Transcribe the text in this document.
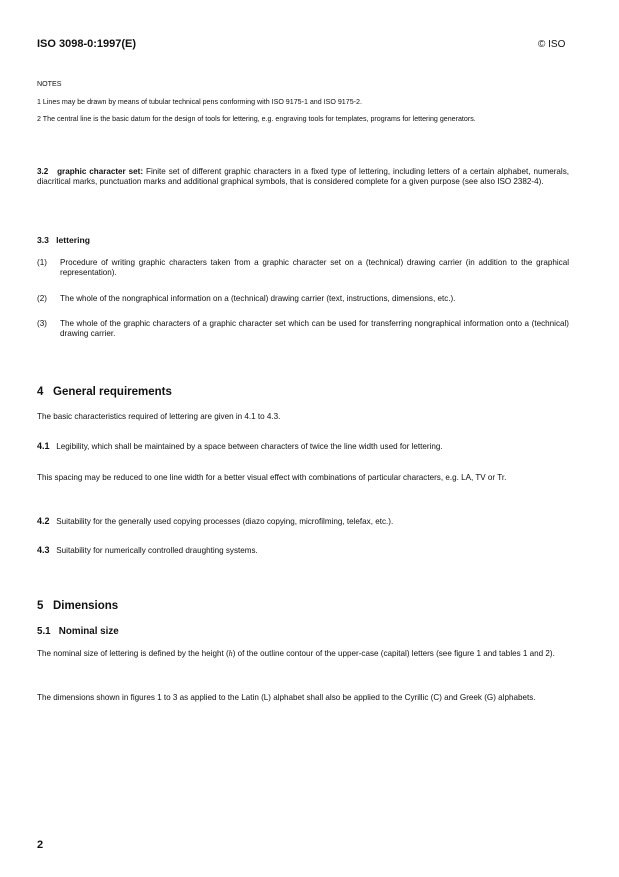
ISO 3098-0:1997(E)	© ISO
NOTES
1 Lines may be drawn by means of tubular technical pens conforming with ISO 9175-1 and ISO 9175-2.
2 The central line is the basic datum for the design of tools for lettering, e.g. engraving tools for templates, programs for lettering generators.
3.2 graphic character set: Finite set of different graphic characters in a fixed type of lettering, including letters of a certain alphabet, numerals, diacritical marks, punctuation marks and additional graphical symbols, that is considered complete for a given purpose (see also ISO 2382-4).
3.3 lettering
(1)	Procedure of writing graphic characters taken from a graphic character set on a (technical) drawing carrier (in addition to the graphical representation).
(2)	The whole of the nongraphical information on a (technical) drawing carrier (text, instructions, dimensions, etc.).
(3)	The whole of the graphic characters of a graphic character set which can be used for transferring nongraphical information onto a (technical) drawing carrier.
4 General requirements
The basic characteristics required of lettering are given in 4.1 to 4.3.
4.1 Legibility, which shall be maintained by a space between characters of twice the line width used for lettering.
This spacing may be reduced to one line width for a better visual effect with combinations of particular characters, e.g. LA, TV or Tr.
4.2 Suitability for the generally used copying processes (diazo copying, microfilming, telefax, etc.).
4.3 Suitability for numerically controlled draughting systems.
5 Dimensions
5.1 Nominal size
The nominal size of lettering is defined by the height (h) of the outline contour of the upper-case (capital) letters (see figure 1 and tables 1 and 2).
The dimensions shown in figures 1 to 3 as applied to the Latin (L) alphabet shall also be applied to the Cyrillic (C) and Greek (G) alphabets.
2
